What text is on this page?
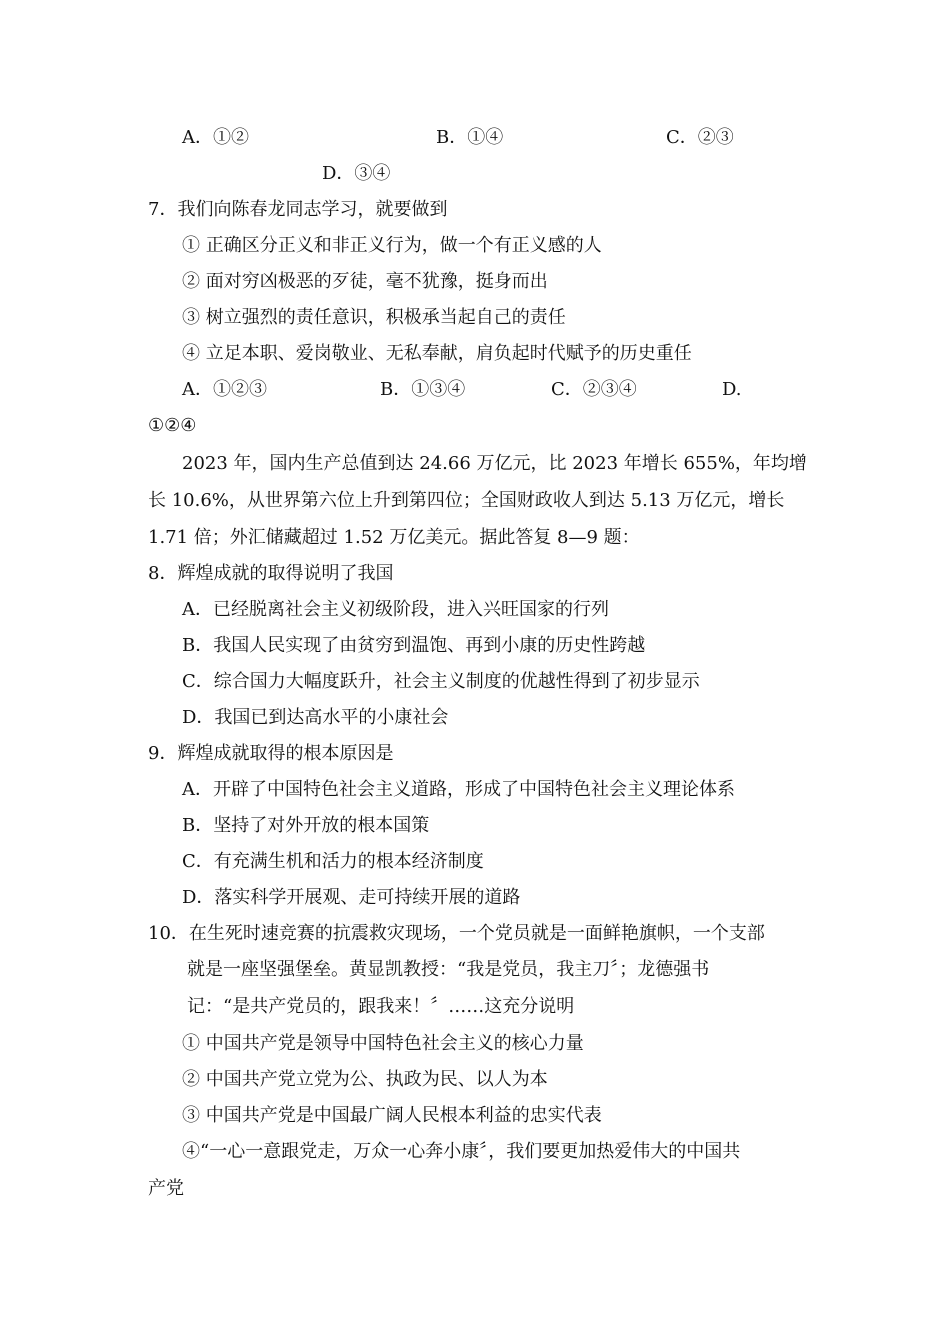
A．①②	B．①④	C．②③
D．③④
7．我们向陈春龙同志学习，就要做到
① 正确区分正义和非正义行为，做一个有正义感的人
② 面对穷凶极恶的歹徒，毫不犹豫，挺身而出
③ 树立强烈的责任意识，积极承当起自己的责任
④ 立足本职、爱岗敬业、无私奉献，肩负起时代赋予的历史重任
A．①②③	B．①③④	C．②③④	D.
①②④
2023 年，国内生产总值到达 24.66 万亿元，比 2023 年增长 655%，年均增
长 10.6%，从世界第六位上升到第四位；全国财政收人到达 5.13 万亿元，增长
1.71 倍；外汇储藏超过 1.52 万亿美元。据此答复 8—9 题：
8．辉煌成就的取得说明了我国
A．已经脱离社会主义初级阶段，进入兴旺国家的行列
B．我国人民实现了由贫穷到温饱、再到小康的历史性跨越
C．综合国力大幅度跃升，社会主义制度的优越性得到了初步显示
D．我国已到达高水平的小康社会
9．辉煌成就取得的根本原因是
A．开辟了中国特色社会主义道路，形成了中国特色社会主义理论体系
B．坚持了对外开放的根本国策
C．有充满生机和活力的根本经济制度
D．落实科学开展观、走可持续开展的道路
10．在生死时速竞赛的抗震救灾现场，一个党员就是一面鲜艳旗帜，一个支部
就是一座坚强堡垒。黄显凯教授：“我是党员，我主刀〞；龙德强书
记：“是共产党员的，跟我来！〞……这充分说明
① 中国共产党是领导中国特色社会主义的核心力量
② 中国共产党立党为公、执政为民、以人为本
③ 中国共产党是中国最广阔人民根本利益的忠实代表
④“一心一意跟党走，万众一心奔小康〞，我们要更加热爱伟大的中国共
产党
